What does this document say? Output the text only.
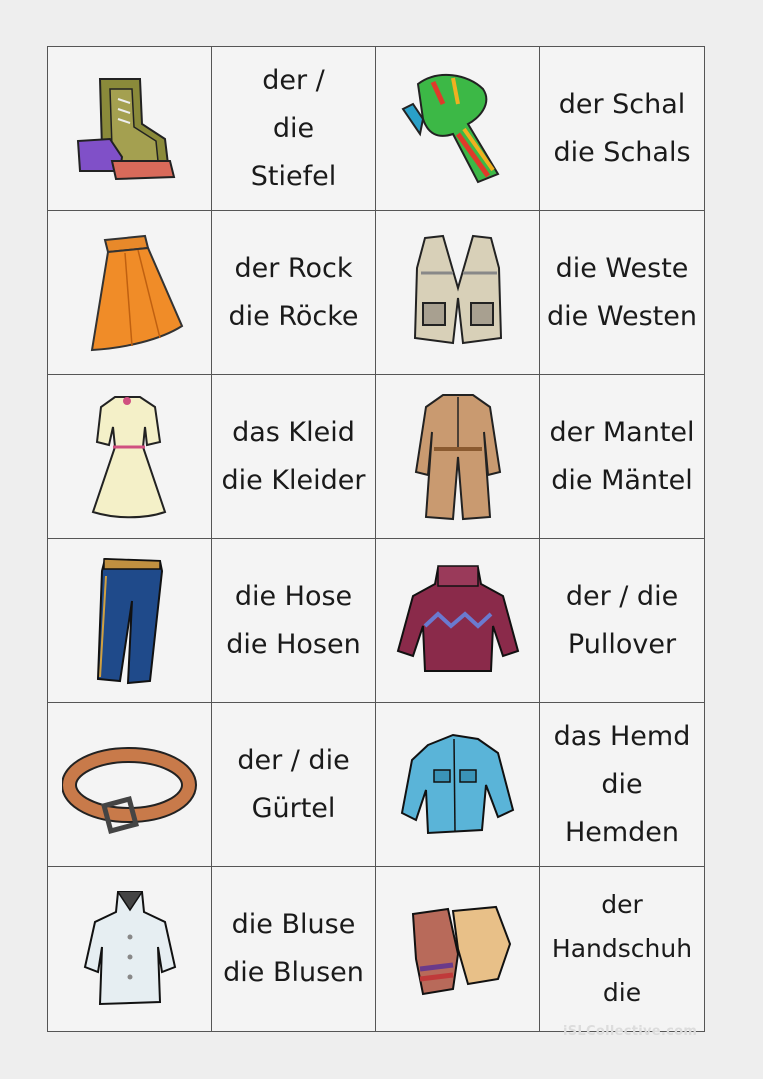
der /
die
Stiefel
der Schal
die Schals
der Rock
die Röcke
die Weste
die Westen
das Kleid
die Kleider
der Mantel
die Mäntel
die Hose
die Hosen
der / die
Pullover
der / die
Gürtel
das Hemd
die
Hemden
die Bluse
die Blusen
der
Handschuh
die
iSLCollective.com
